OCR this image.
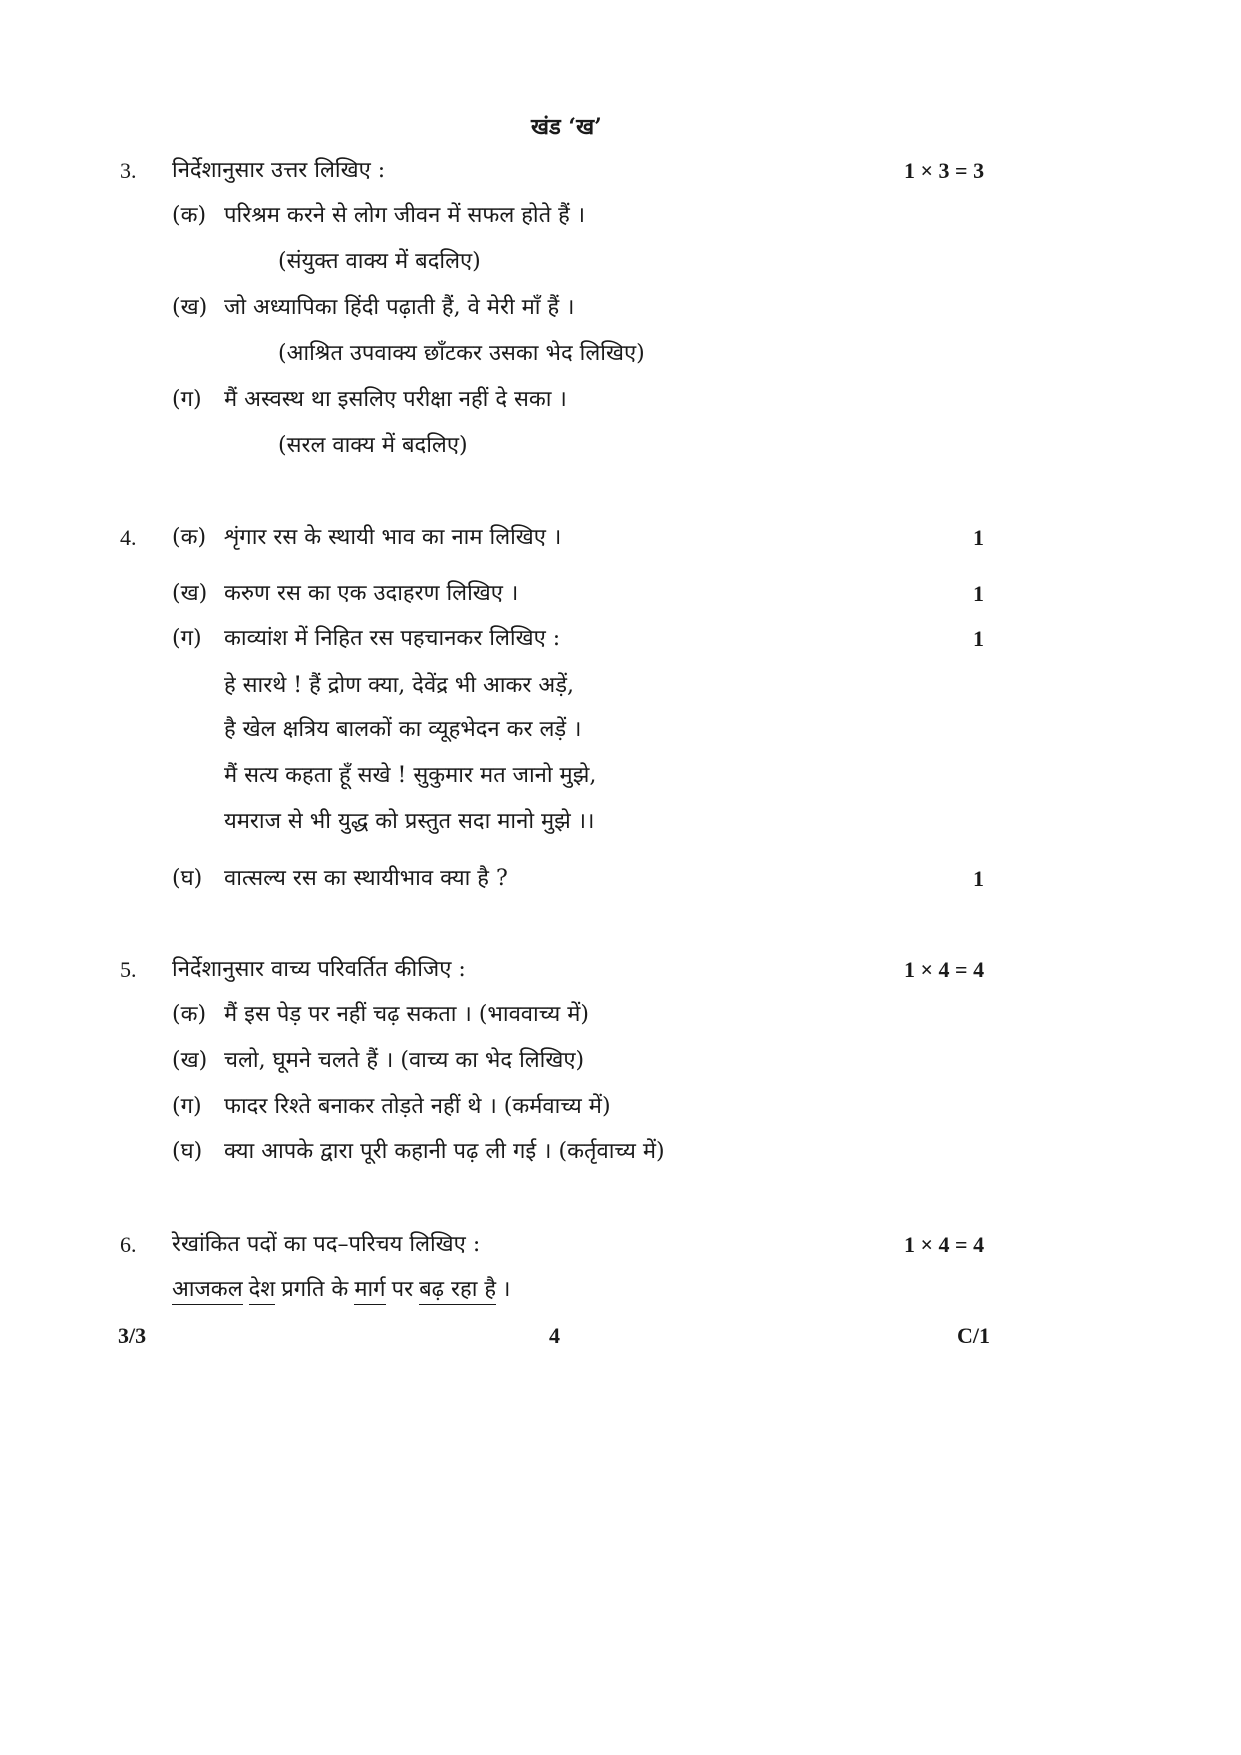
खंड ‘ख’
3. निर्देशानुसार उत्तर लिखिए :	1 × 3 = 3
(क) परिश्रम करने से लोग जीवन में सफल होते हैं ।
(संयुक्त वाक्य में बदलिए)
(ख) जो अध्यापिका हिंदी पढ़ाती हैं, वे मेरी माँ हैं ।
(आश्रित उपवाक्य छाँटकर उसका भेद लिखिए)
(ग) मैं अस्वस्थ था इसलिए परीक्षा नहीं दे सका ।
(सरल वाक्य में बदलिए)
4. (क) शृंगार रस के स्थायी भाव का नाम लिखिए ।	1
(ख) करुण रस का एक उदाहरण लिखिए ।	1
(ग) काव्यांश में निहित रस पहचानकर लिखिए :	1
हे सारथे ! हैं द्रोण क्या, देवेंद्र भी आकर अड़ें,
है खेल क्षत्रिय बालकों का व्यूहभेदन कर लड़ें ।
मैं सत्य कहता हूँ सखे ! सुकुमार मत जानो मुझे,
यमराज से भी युद्ध को प्रस्तुत सदा मानो मुझे ।।
(घ) वात्सल्य रस का स्थायीभाव क्या है ?	1
5. निर्देशानुसार वाच्य परिवर्तित कीजिए :	1 × 4 = 4
(क) मैं इस पेड़ पर नहीं चढ़ सकता । (भाववाच्य में)
(ख) चलो, घूमने चलते हैं । (वाच्य का भेद लिखिए)
(ग) फादर रिश्ते बनाकर तोड़ते नहीं थे । (कर्मवाच्य में)
(घ) क्या आपके द्वारा पूरी कहानी पढ़ ली गई । (कर्तृवाच्य में)
6. रेखांकित पदों का पद–परिचय लिखिए :	1 × 4 = 4
आजकल देश प्रगति के मार्ग पर बढ़ रहा है ।
3/3	4	C/1
